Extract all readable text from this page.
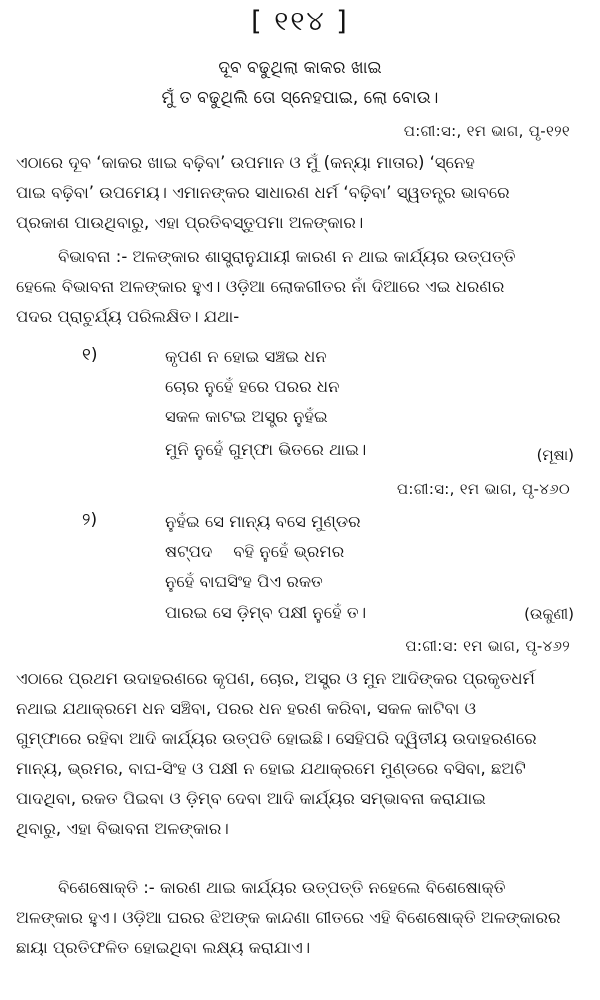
[ ୧୧୪ ]
ଦୂବ ବଢୁଥିଲା କାକର ଖାଇ
ମୁଁ ତ ବଢୁଥିଲି ତୋ ସ୍ନେହପାଇ, ଲୋ ବୋଉ।
ପ:ଗୀ:ସ:, ୧ମ ଭାଗ, ପୃ-୧୨୧
ଏଠାରେ ଦୂବ ‘କାକର ଖାଇ ବଢ଼ିବା’ ଉପମାନ ଓ ମୁଁ (କନ୍ୟା ମାତାର) ‘ସ୍ନେହ
ପାଇ ବଢ଼ିବା’ ଉପମେୟ। ଏମାନଙ୍କର ସାଧାରଣ ଧର୍ମ ‘ବଢ଼ିବା’ ସ୍ୱତନ୍ତ୍ର ଭାବରେ
ପ୍ରକାଶ ପାଉଥିବାରୁ, ଏହା ପ୍ରତିବସ୍ତୁପମା ଅଳଙ୍କାର।
ବିଭାବନା :- ଅଳଙ୍କାର ଶାସ୍ତ୍ରାନୁଯାୟୀ କାରଣ ନ ଥାଇ କାର୍ଯ୍ୟର ଉତ୍ପତ୍ତି
ହେଲେ ବିଭାବନା ଅଳଙ୍କାର ହୁଏ। ଓଡ଼ିଆ ଲୋକଗୀତର ନାଁ ଦିଆରେ ଏଇ ଧରଣର
ପଦର ପ୍ରାଚୁର୍ଯ୍ୟ ପରିଲକ୍ଷିତ। ଯଥା-
୧)	କୃପଣ ନ ହୋଇ ସଞ୍ଚଇ ଧନ
ଚୋର ନୁହେଁ ହରେ ପରର ଧନ
ସକଳ କାଟଇ ଅସ୍ତ୍ର ନୁହଁଇ
ମୁନି ନୁହେଁ ଗୁମ୍ଫା ଭିତରେ ଥାଇ।	(ମୂଷା)
ପ:ଗୀ:ସ:, ୧ମ ଭାଗ, ପୃ-୪୬୦
୨)	ନୁହଁଇ ସେ ମାନ୍ୟ ବସେ ମୁଣ୍ଡର
ଷଟ୍‌ପଦ    ବହି ନୁହେଁ ଭ୍ରମର
ନୁହେଁ ବାଘସିଂହ ପିଏ ରକତ
ପାରଇ ସେ ଡ଼ିମ୍ବ ପକ୍ଷୀ ନୁହେଁ ତ।	(ଉକୁଣୀ)
ପ:ଗୀ:ସ: ୧ମ ଭାଗ, ପୃ-୪୬୨
ଏଠାରେ ପ୍ରଥମ ଉଦାହରଣରେ କୃପଣ, ଚୋର, ଅସ୍ତ୍ର ଓ ମୁନ ଆଦିଙ୍କର ପ୍ରକୃତଧର୍ମ
ନଥାଇ ଯଥାକ୍ରମେ ଧନ ସଞ୍ଚିବା, ପରର ଧନ ହରଣ କରିବା, ସକଳ କାଟିବା ଓ
ଗୁମ୍ଫାରେ ରହିବା ଆଦି କାର୍ଯ୍ୟର ଉତ୍ପତି ହୋଇଛି। ସେହିପରି ଦ୍ୱିତୀୟ ଉଦାହରଣରେ
ମାନ୍ୟ, ଭ୍ରମର, ବାଘ-ସିଂହ ଓ ପକ୍ଷୀ ନ ହୋଇ ଯଥାକ୍ରମେ ମୁଣ୍ଡରେ ବସିବା, ଛଅଟି
ପାଦଥିବା, ରକତ ପିଇବା ଓ ଡ଼ିମ୍ବ ଦେବା ଆଦି କାର୍ଯ୍ୟର ସମ୍ଭାବନା କରାଯାଇ
ଥିବାରୁ, ଏହା ବିଭାବନା ଅଳଙ୍କାର।
ବିଶେଷୋକ୍ତି :- କାରଣ ଥାଇ କାର୍ଯ୍ୟର ଉତ୍ପତ୍ତି ନହେଲେ ବିଶେଷୋକ୍ତି
ଅଳଙ୍କାର ହୁଏ। ଓଡ଼ିଆ ଘରର ଝିଅଙ୍କ କାନ୍ଦଣା ଗୀତରେ ଏହି ବିଶେଷୋକ୍ତି ଅଳଙ୍କାରର
ଛାୟା ପ୍ରତିଫଳିତ ହୋଇଥିବା ଲକ୍ଷ୍ୟ କରାଯାଏ।
